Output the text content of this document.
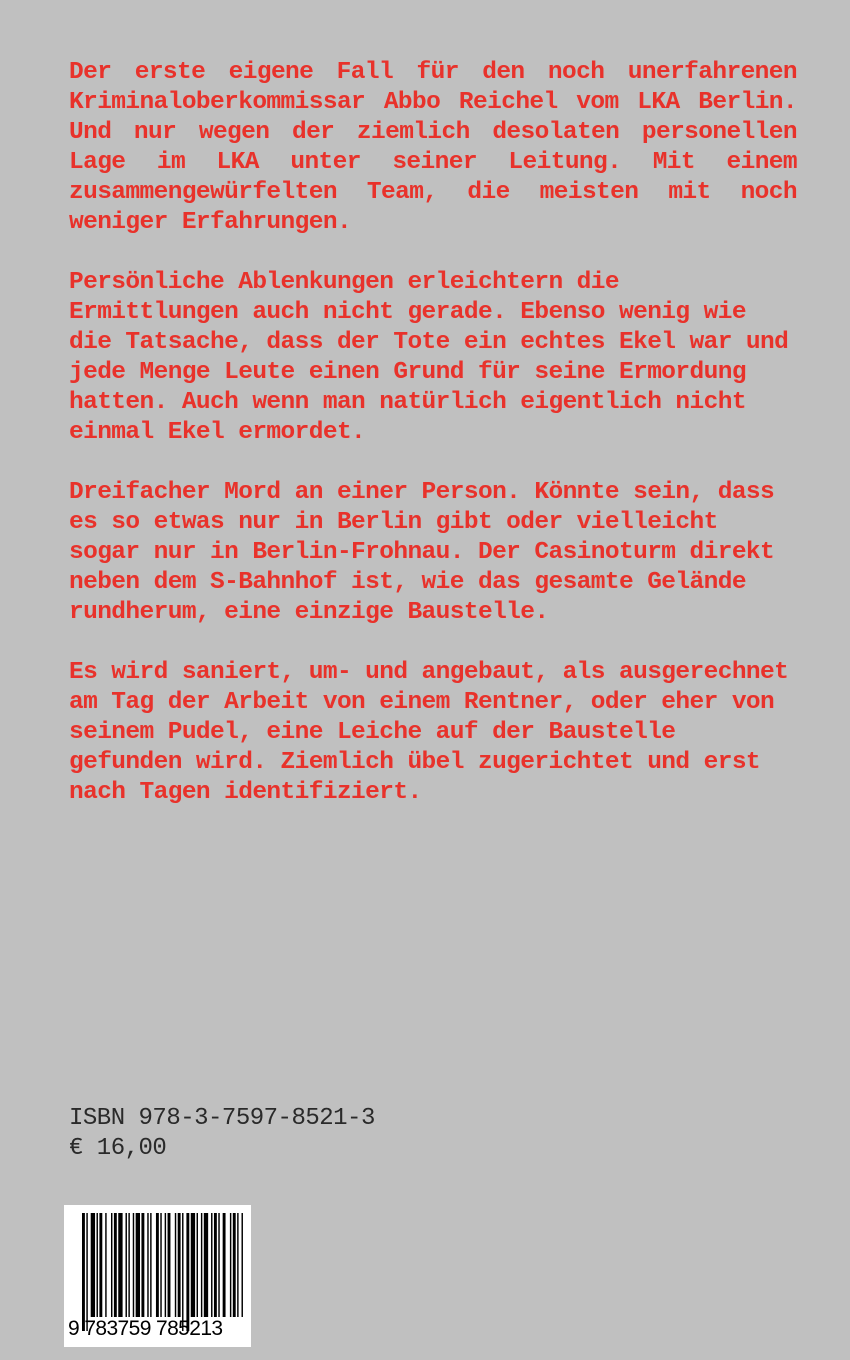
Der erste eigene Fall für den noch unerfahrenen Kriminaloberkommissar Abbo Reichel vom LKA Berlin. Und nur wegen der ziemlich desolaten personellen Lage im LKA unter seiner Leitung. Mit einem zusammengewürfelten Team, die meisten mit noch weniger Erfahrungen.

Persönliche Ablenkungen erleichtern die Ermittlungen auch nicht gerade. Ebenso wenig wie die Tatsache, dass der Tote ein echtes Ekel war und jede Menge Leute einen Grund für seine Ermordung hatten. Auch wenn man natürlich eigentlich nicht einmal Ekel ermordet.

Dreifacher Mord an einer Person. Könnte sein, dass es so etwas nur in Berlin gibt oder vielleicht sogar nur in Berlin-Frohnau. Der Casinoturm direkt neben dem S-Bahnhof ist, wie das gesamte Gelände rundherum, eine einzige Baustelle.

Es wird saniert, um- und angebaut, als ausgerechnet am Tag der Arbeit von einem Rentner, oder eher von seinem Pudel, eine Leiche auf der Baustelle gefunden wird. Ziemlich übel zugerichtet und erst nach Tagen identifiziert.

ISBN 978-3-7597-8521-3
€ 16,00
9 783759 785213
